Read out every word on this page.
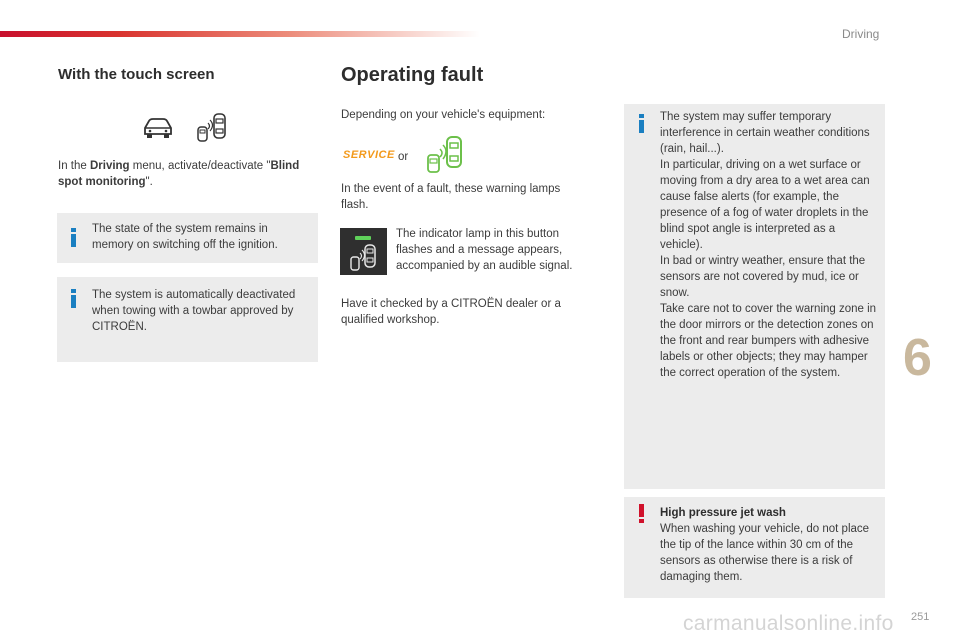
Driving
6
251
carmanualsonline.info
With the touch screen

In the Driving menu, activate/deactivate "Blind spot monitoring".

The state of the system remains in memory on switching off the ignition.

The system is automatically deactivated when towing with a towbar approved by CITROËN.

Operating fault

Depending on your vehicle's equipment:

SERVICE or

In the event of a fault, these warning lamps flash.

The indicator lamp in this button flashes and a message appears, accompanied by an audible signal.

Have it checked by a CITROËN dealer or a qualified workshop.

The system may suffer temporary interference in certain weather conditions (rain, hail...).

In particular, driving on a wet surface or moving from a dry area to a wet area can cause false alerts (for example, the presence of a fog of water droplets in the blind spot angle is interpreted as a vehicle).

In bad or wintry weather, ensure that the sensors are not covered by mud, ice or snow.

Take care not to cover the warning zone in the door mirrors or the detection zones on the front and rear bumpers with adhesive labels or other objects; they may hamper the correct operation of the system.

High pressure jet wash

When washing your vehicle, do not place the tip of the lance within 30 cm of the sensors as otherwise there is a risk of damaging them.
